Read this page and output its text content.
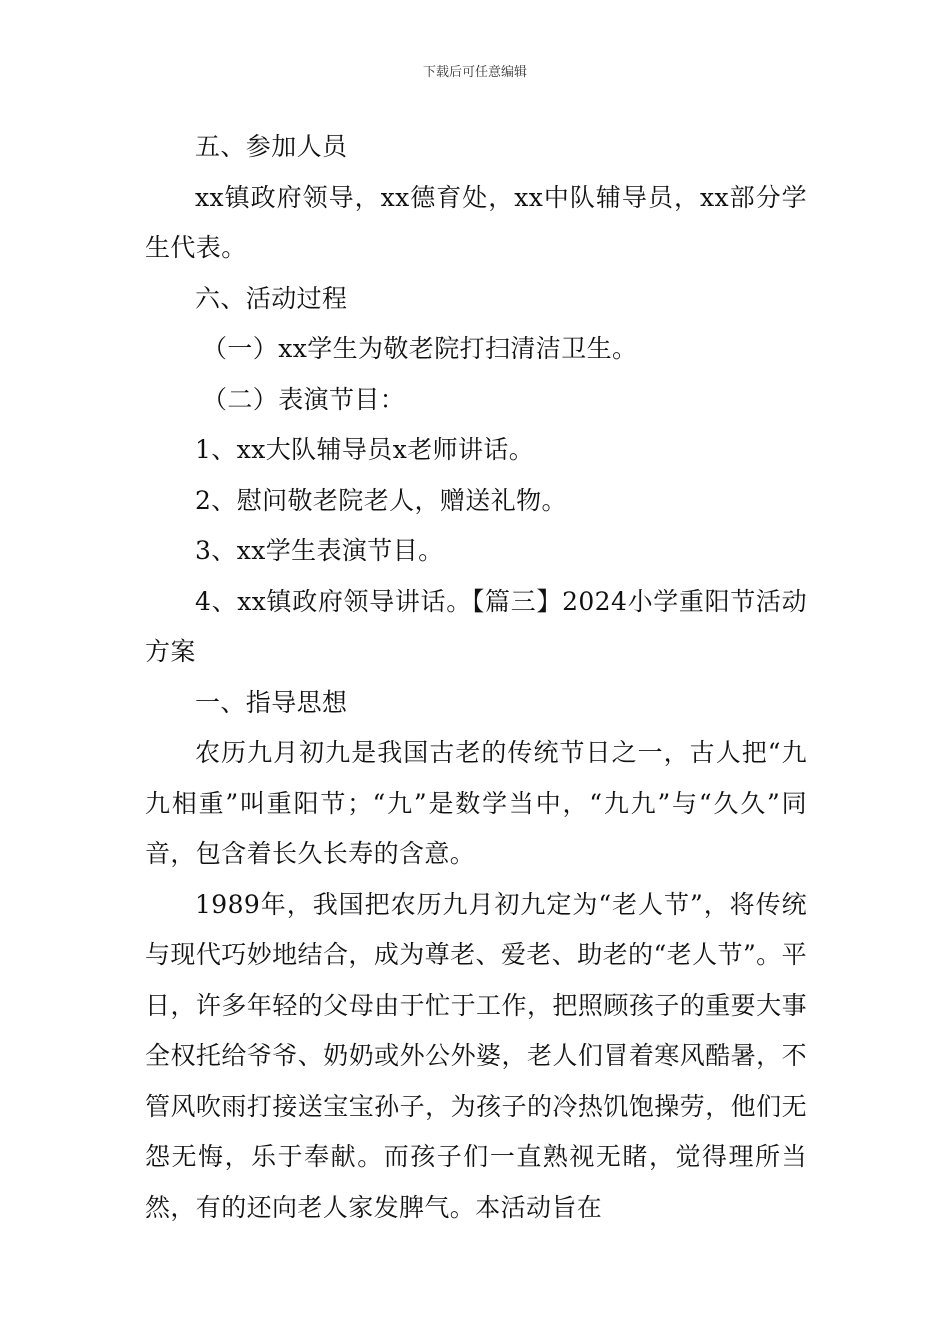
下载后可任意编辑

五、参加人员

xx镇政府领导，xx德育处，xx中队辅导员，xx部分学生代表。

六、活动过程

（一）xx学生为敬老院打扫清洁卫生。

（二）表演节目：

1、xx大队辅导员x老师讲话。

2、慰问敬老院老人，赠送礼物。

3、xx学生表演节目。

4、xx镇政府领导讲话。【篇三】2024小学重阳节活动方案

一、指导思想

农历九月初九是我国古老的传统节日之一，古人把“九九相重”叫重阳节；“九”是数学当中，“九九”与“久久”同音，包含着长久长寿的含意。

1989年，我国把农历九月初九定为“老人节”，将传统与现代巧妙地结合，成为尊老、爱老、助老的“老人节”。平日，许多年轻的父母由于忙于工作，把照顾孩子的重要大事全权托给爷爷、奶奶或外公外婆，老人们冒着寒风酷暑，不管风吹雨打接送宝宝孙子，为孩子的冷热饥饱操劳，他们无怨无悔，乐于奉献。而孩子们一直熟视无睹，觉得理所当然，有的还向老人家发脾气。本活动旨在
